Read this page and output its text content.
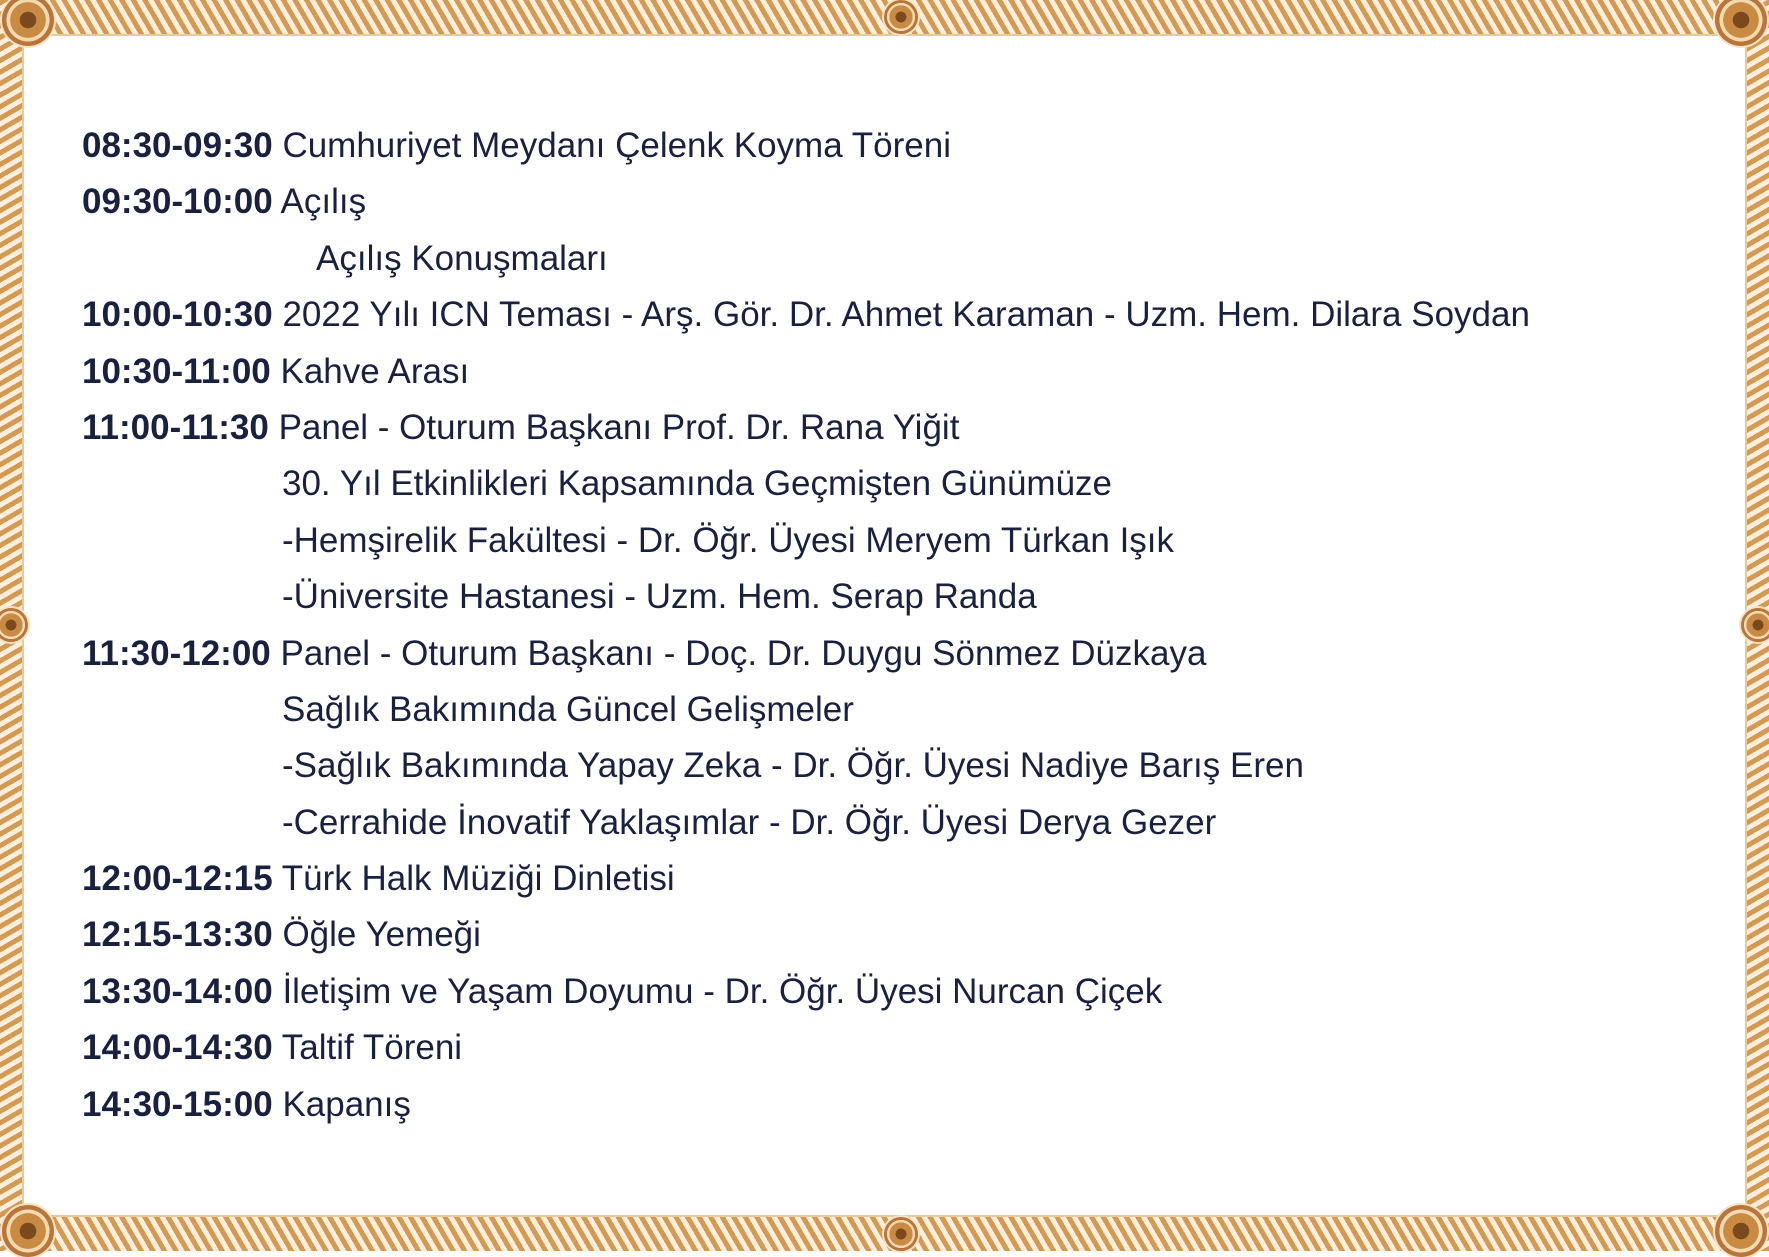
08:30-09:30 Cumhuriyet Meydanı Çelenk Koyma Töreni
09:30-10:00 Açılış
Açılış Konuşmaları
10:00-10:30 2022 Yılı ICN Teması - Arş. Gör. Dr. Ahmet Karaman - Uzm. Hem. Dilara Soydan
10:30-11:00 Kahve Arası
11:00-11:30 Panel - Oturum Başkanı Prof. Dr. Rana Yiğit
30. Yıl Etkinlikleri Kapsamında Geçmişten Günümüze
-Hemşirelik Fakültesi - Dr. Öğr. Üyesi Meryem Türkan Işık
-Üniversite Hastanesi - Uzm. Hem. Serap Randa
11:30-12:00 Panel - Oturum Başkanı - Doç. Dr. Duygu Sönmez Düzkaya
Sağlık Bakımında Güncel Gelişmeler
-Sağlık Bakımında Yapay Zeka - Dr. Öğr. Üyesi Nadiye Barış Eren
-Cerrahide İnovatif Yaklaşımlar - Dr. Öğr. Üyesi Derya Gezer
12:00-12:15 Türk Halk Müziği Dinletisi
12:15-13:30 Öğle Yemeği
13:30-14:00 İletişim ve Yaşam Doyumu - Dr. Öğr. Üyesi Nurcan Çiçek
14:00-14:30 Taltif Töreni
14:30-15:00 Kapanış
